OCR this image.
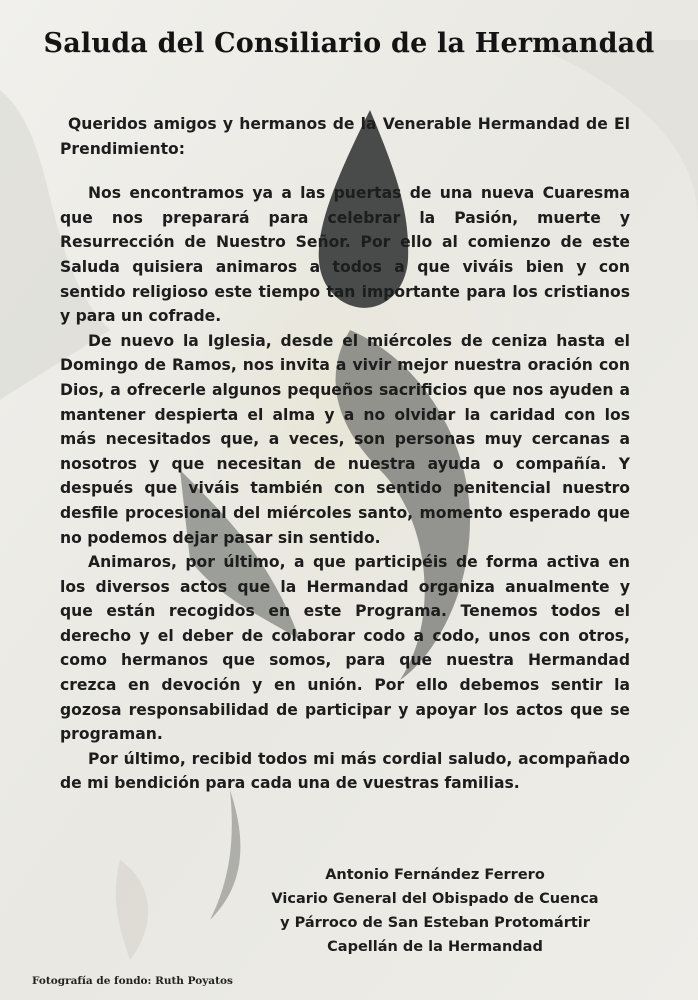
Saluda del Consiliario de la Hermandad

Queridos amigos y hermanos de la Venerable Hermandad de El Prendimiento:

Nos encontramos ya a las puertas de una nueva Cuaresma que nos preparará para celebrar la Pasión, muerte y Resurrección de Nuestro Señor. Por ello al comienzo de este Saluda quisiera animaros a todos a que viváis bien y con sentido religioso este tiempo tan importante para los cristianos y para un cofrade.

De nuevo la Iglesia, desde el miércoles de ceniza hasta el Domingo de Ramos, nos invita a vivir mejor nuestra oración con Dios, a ofrecerle algunos pequeños sacrificios que nos ayuden a mantener despierta el alma y a no olvidar la caridad con los más necesitados que, a veces, son personas muy cercanas a nosotros y que necesitan de nuestra ayuda o compañía. Y después que viváis también con sentido penitencial nuestro desfile procesional del miércoles santo, momento esperado que no podemos dejar pasar sin sentido.

Animaros, por último, a que participéis de forma activa en los diversos actos que la Hermandad organiza anualmente y que están recogidos en este Programa. Tenemos todos el derecho y el deber de colaborar codo a codo, unos con otros, como hermanos que somos, para que nuestra Hermandad crezca en devoción y en unión. Por ello debemos sentir la gozosa responsabilidad de participar y apoyar los actos que se programan.

Por último, recibid todos mi más cordial saludo, acompañado de mi bendición para cada una de vuestras familias.

Antonio Fernández Ferrero
Vicario General del Obispado de Cuenca
y Párroco de San Esteban Protomártir
Capellán de la Hermandad
Fotografía de fondo: Ruth Poyatos
